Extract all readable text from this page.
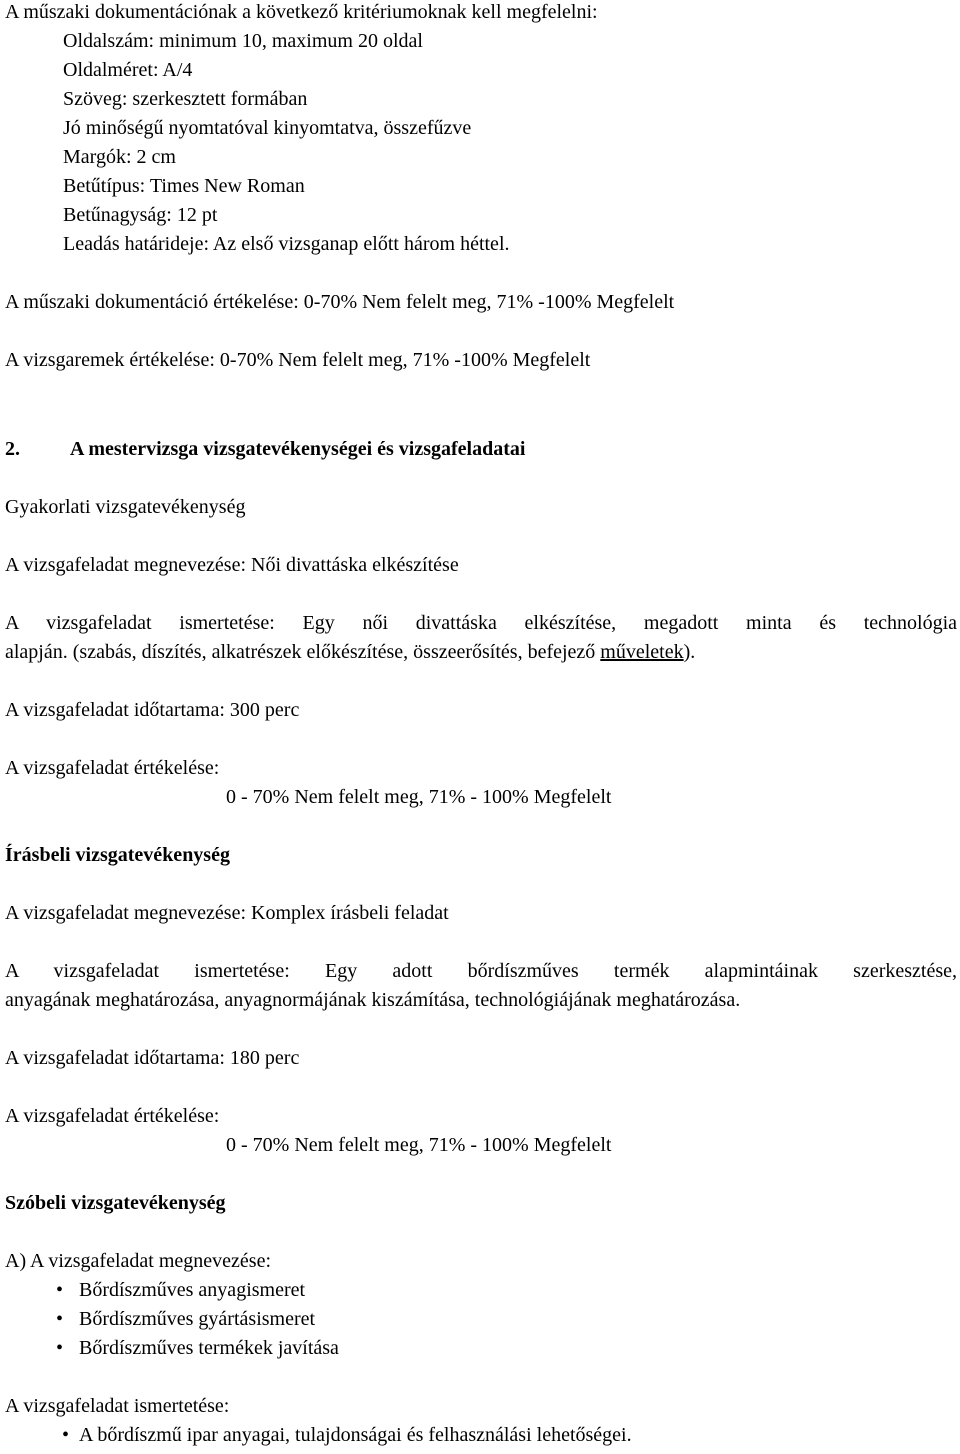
A műszaki dokumentációnak a következő kritériumoknak kell megfelelni:
Oldalszám: minimum 10, maximum 20 oldal
Oldalméret: A/4
Szöveg: szerkesztett formában
Jó minőségű nyomtatóval kinyomtatva, összefűzve
Margók: 2 cm
Betűtípus: Times New Roman
Betűnagyság: 12 pt
Leadás határideje: Az első vizsganap előtt három héttel.
A műszaki dokumentáció értékelése: 0-70% Nem felelt meg, 71% -100% Megfelelt
A vizsgaremek értékelése: 0-70% Nem felelt meg, 71% -100% Megfelelt
2.	A mestervizsga vizsgatevékenységei és vizsgafeladatai
Gyakorlati vizsgatevékenység
A vizsgafeladat megnevezése: Női divattáska elkészítése
A vizsgafeladat ismertetése: Egy női divattáska elkészítése, megadott minta és technológia
alapján. (szabás, díszítés, alkatrészek előkészítése, összeerősítés, befejező műveletek).
A vizsgafeladat időtartama: 300 perc
A vizsgafeladat értékelése:
0 - 70% Nem felelt meg, 71% - 100% Megfelelt
Írásbeli vizsgatevékenység
A vizsgafeladat megnevezése: Komplex írásbeli feladat
A vizsgafeladat ismertetése: Egy adott bőrdíszműves termék alapmintáinak szerkesztése,
anyagának meghatározása, anyagnormájának kiszámítása, technológiájának meghatározása.
A vizsgafeladat időtartama: 180 perc
A vizsgafeladat értékelése:
0 - 70% Nem felelt meg, 71% - 100% Megfelelt
Szóbeli vizsgatevékenység
A) A vizsgafeladat megnevezése:
• Bőrdíszműves anyagismeret
• Bőrdíszműves gyártásismeret
• Bőrdíszműves termékek javítása
A vizsgafeladat ismertetése:
• A bőrdíszmű ipar anyagai, tulajdonságai és felhasználási lehetőségei.
